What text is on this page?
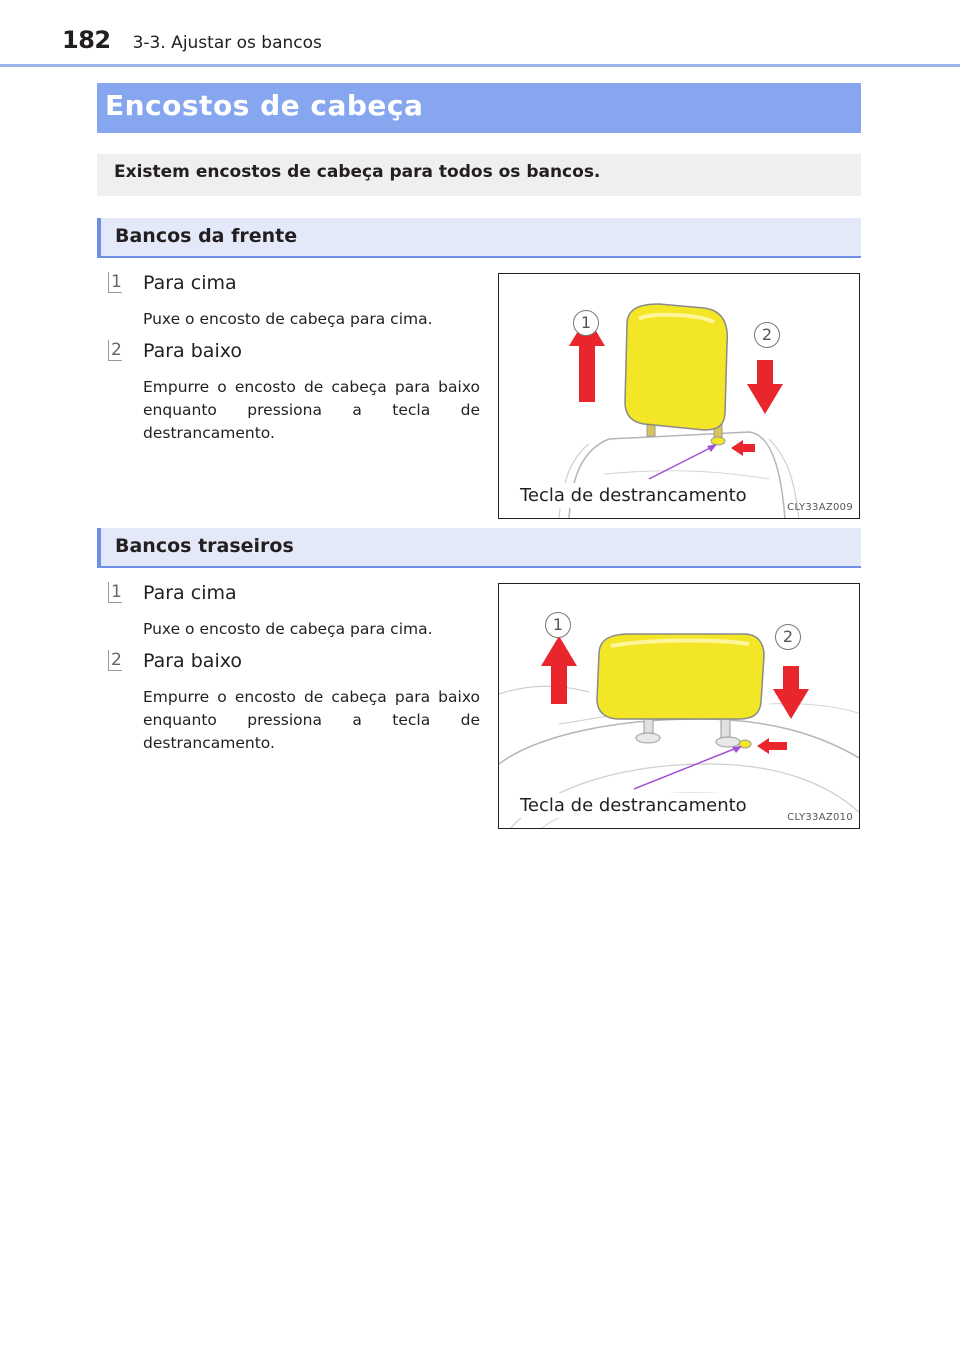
182 3-3. Ajustar os bancos
Encostos de cabeça
Existem encostos de cabeça para todos os bancos.
Bancos da frente
1 Para cima
Puxe o encosto de cabeça para cima.
2 Para baixo
Empurre o encosto de cabeça para baixo enquanto pressiona a tecla de destrancamento.
1
2
Tecla de destrancamento
CLY33AZ009
Bancos traseiros
1 Para cima
Puxe o encosto de cabeça para cima.
2 Para baixo
Empurre o encosto de cabeça para baixo enquanto pressiona a tecla de destrancamento.
1
2
Tecla de destrancamento
CLY33AZ010
